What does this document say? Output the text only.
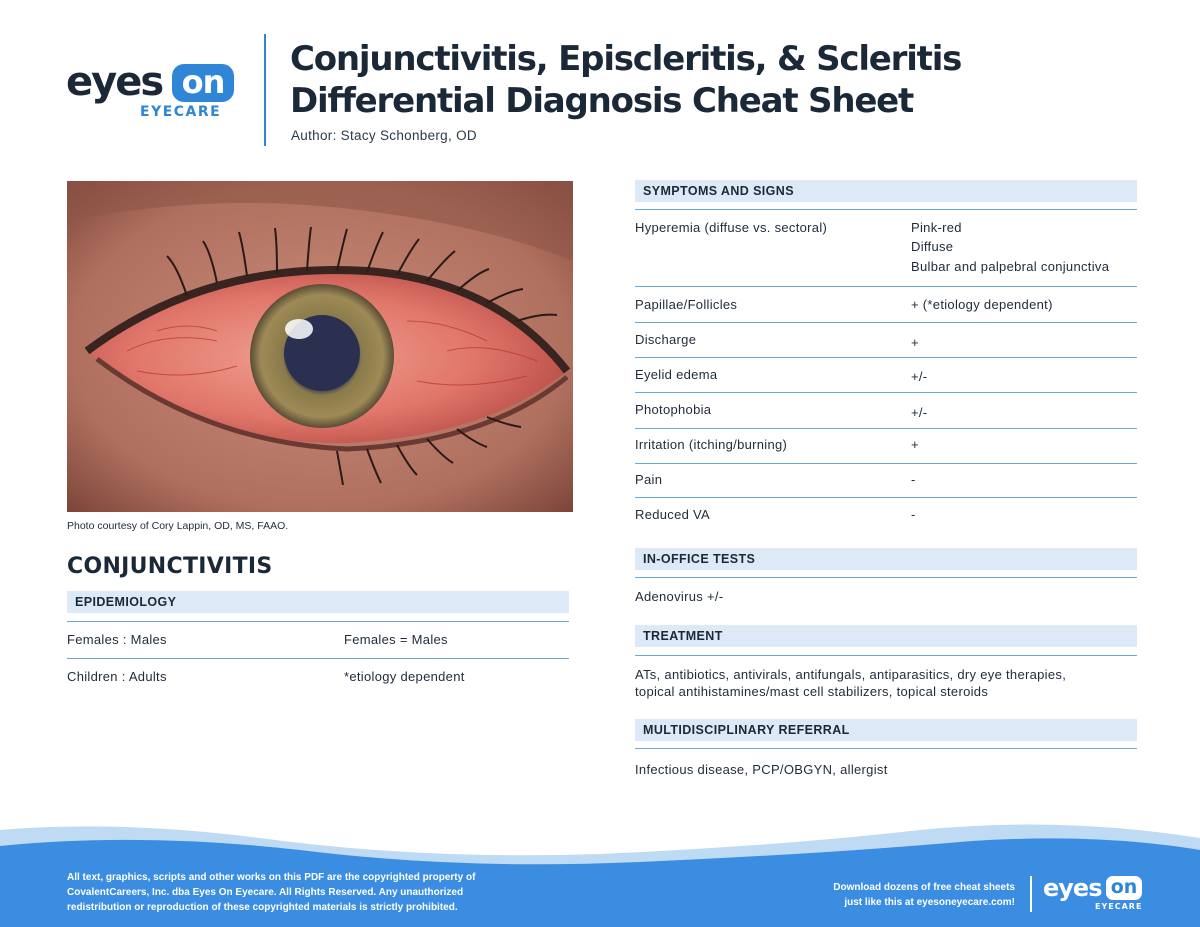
eyes on
EYECARE
Conjunctivitis, Episcleritis, & Scleritis
Differential Diagnosis Cheat Sheet
Author: Stacy Schonberg, OD
Photo courtesy of Cory Lappin, OD, MS, FAAO.
CONJUNCTIVITIS
EPIDEMIOLOGY
Females : Males	Females = Males
Children : Adults	*etiology dependent
SYMPTOMS AND SIGNS
Hyperemia (diffuse vs. sectoral)	Pink-red
Diffuse
Bulbar and palpebral conjunctiva
Papillae/Follicles	+ (*etiology dependent)
Discharge	+
Eyelid edema	+/-
Photophobia	+/-
Irritation (itching/burning)	+
Pain	-
Reduced VA	-
IN-OFFICE TESTS
Adenovirus +/-
TREATMENT
ATs, antibiotics, antivirals, antifungals, antiparasitics, dry eye therapies,
topical antihistamines/mast cell stabilizers, topical steroids
MULTIDISCIPLINARY REFERRAL
Infectious disease, PCP/OBGYN, allergist
All text, graphics, scripts and other works on this PDF are the copyrighted property of
CovalentCareers, Inc. dba Eyes On Eyecare. All Rights Reserved. Any unauthorized
redistribution or reproduction of these copyrighted materials is strictly prohibited.
Download dozens of free cheat sheets
just like this at eyesoneyecare.com!
eyes on
EYECARE
